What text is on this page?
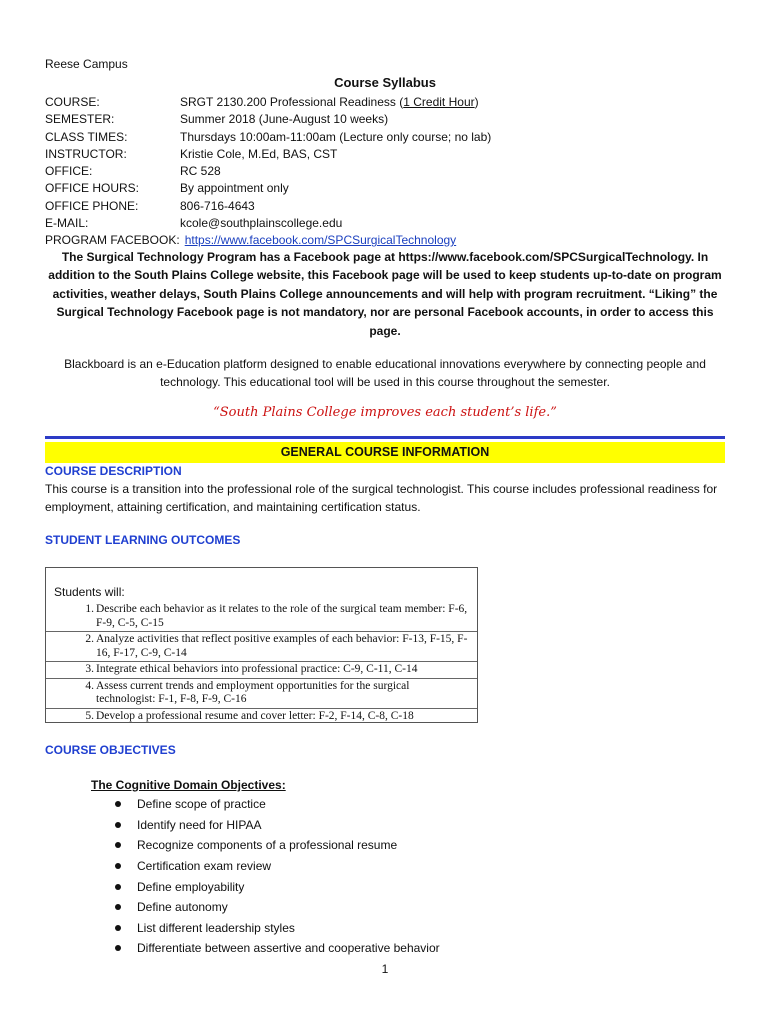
Reese Campus
Course Syllabus
COURSE:	SRGT 2130.200 Professional Readiness (1 Credit Hour)
SEMESTER:	Summer 2018 (June-August 10 weeks)
CLASS TIMES:	Thursdays 10:00am-11:00am (Lecture only course; no lab)
INSTRUCTOR:	Kristie Cole, M.Ed, BAS, CST
OFFICE:	RC 528
OFFICE HOURS:	By appointment only
OFFICE PHONE:	806-716-4643
E-MAIL:	kcole@southplainscollege.edu
PROGRAM FACEBOOK: https://www.facebook.com/SPCSurgicalTechnology
The Surgical Technology Program has a Facebook page at https://www.facebook.com/SPCSurgicalTechnology. In addition to the South Plains College website, this Facebook page will be used to keep students up-to-date on program activities, weather delays, South Plains College announcements and will help with program recruitment. “Liking” the Surgical Technology Facebook page is not mandatory, nor are personal Facebook accounts, in order to access this page.
Blackboard is an e-Education platform designed to enable educational innovations everywhere by connecting people and technology. This educational tool will be used in this course throughout the semester.
“South Plains College improves each student’s life.”
GENERAL COURSE INFORMATION
COURSE DESCRIPTION
This course is a transition into the professional role of the surgical technologist. This course includes professional readiness for employment, attaining certification, and maintaining certification status.
STUDENT LEARNING OUTCOMES
Students will:
1. Describe each behavior as it relates to the role of the surgical team member: F-6, F-9, C-5, C-15
2. Analyze activities that reflect positive examples of each behavior: F-13, F-15, F-16, F-17, C-9, C-14
3. Integrate ethical behaviors into professional practice: C-9, C-11, C-14
4. Assess current trends and employment opportunities for the surgical technologist: F-1, F-8, F-9, C-16
5. Develop a professional resume and cover letter: F-2, F-14, C-8, C-18
COURSE OBJECTIVES
The Cognitive Domain Objectives:
Define scope of practice
Identify need for HIPAA
Recognize components of a professional resume
Certification exam review
Define employability
Define autonomy
List different leadership styles
Differentiate between assertive and cooperative behavior
1
